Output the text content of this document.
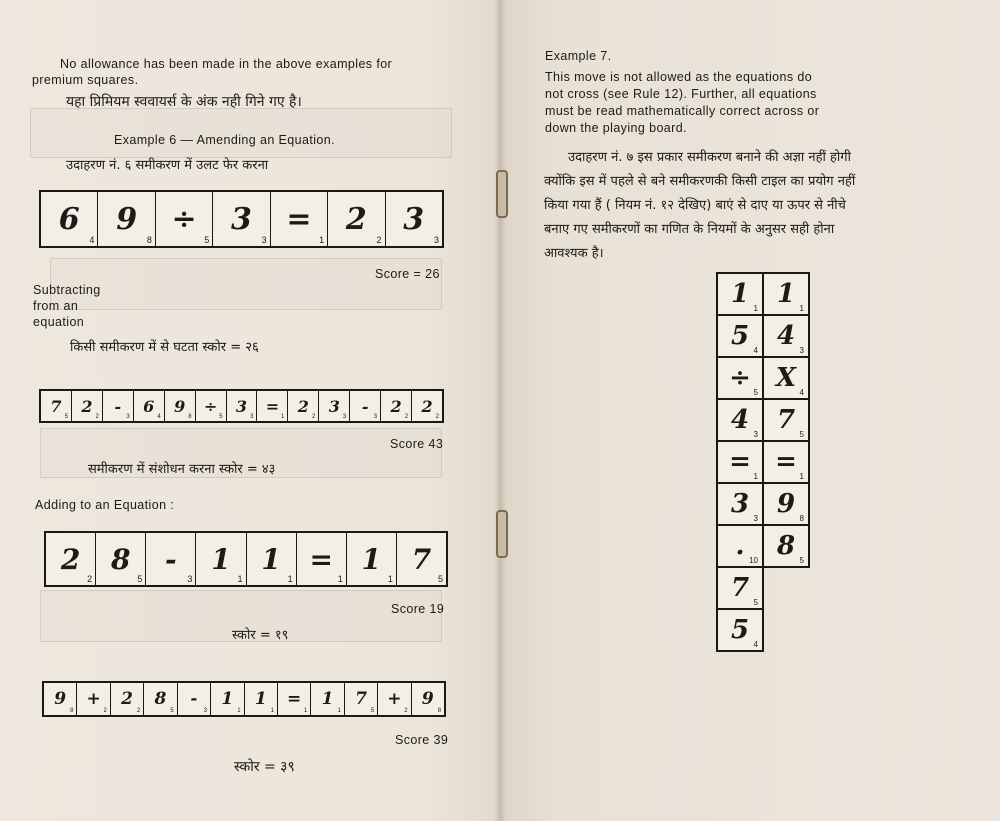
No allowance has been made in the above examples for
premium squares.
यहा प्रिमियम स्ववायर्स के अंक नही गिने गए है।
Example 6 — Amending an Equation.
उदाहरण नं. ६ समीकरण में उलट फेर करना
6
4
9
8
÷
5
3
3
=
1
2
2
3
3
Score = 26
Subtracting
from an
equation
किसी समीकरण में से घटता स्कोर = २६
7
5
2
2
-
3
6
4
9
8
÷
5
3
3
=
1
2
2
3
3
-
3
2
2
2
2
Score 43
समीकरण में संशोधन करना स्कोर = ४३
Adding to an Equation :
2
2
8
5
-
3
1
1
1
1
=
1
1
1
7
5
Score 19
स्कोर = १९
9
8
+
2
2
2
8
5
-
3
1
1
1
1
=
1
1
1
7
5
+
2
9
8
Score 39
स्कोर = ३९
Example 7.
This move is not allowed as the equations do
not cross (see Rule 12). Further, all equations
must be read mathematically correct across or
down the playing board.
उदाहरण नं. ७ इस प्रकार समीकरण बनाने की अज्ञा नहीं होगी
क्योंकि इस में पहले से बने समीकरणकी किसी टाइल का प्रयोग नहीं
किया गया हैं ( नियम नं. १२ देखिए) बाएं से दाए या ऊपर से नीचे
बनाए गए समीकरणों का गणित के नियमों के अनुसर सही होना
आवश्यक है।
1 1 1 1
5 4 4 3
÷ 5 X 4
4 3 7 5
= 1 = 1
3 3 9 8
. 10 8 5
7 5
5 4
